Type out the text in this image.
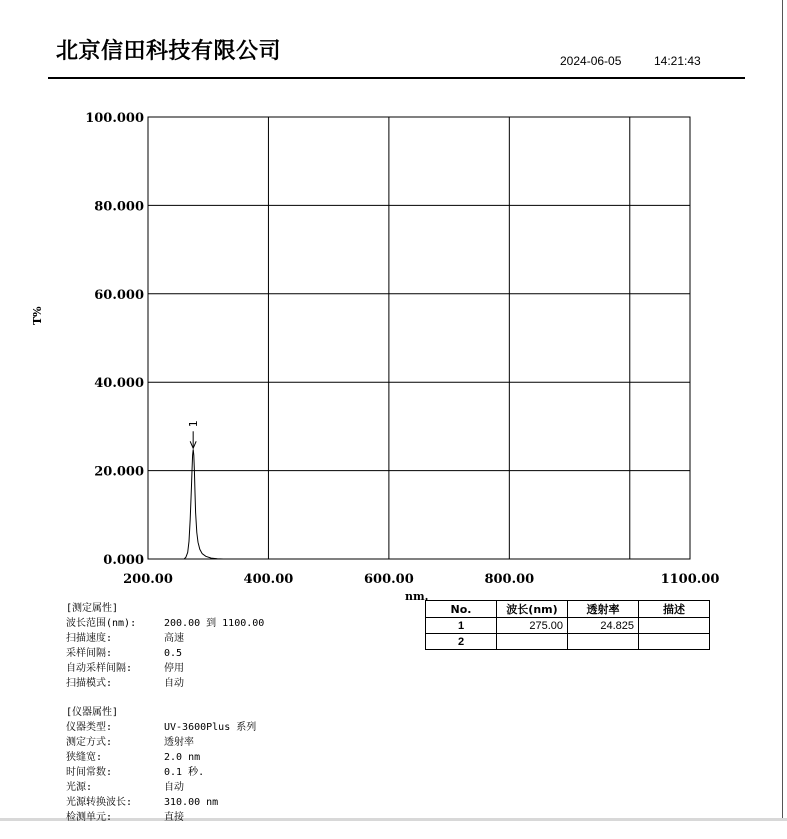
北京信田科技有限公司	2024-06-05	14:21:43
T%
100.000
80.000
60.000
40.000
20.000
0.000
200.00	400.00	600.00	800.00	1100.00
nm.
1
[测定属性]
波长范围(nm):	200.00 到 1100.00
扫描速度:	高速
采样间隔:	0.5
自动采样间隔:	停用
扫描模式:	自动
[仪器属性]
仪器类型:	UV-3600Plus 系列
测定方式:	透射率
狭缝宽:	2.0 nm
时间常数:	0.1 秒.
光源:	自动
光源转换波长:	310.00 nm
检测单元:	直接
No.	波长(nm)	透射率	描述
1	275.00	24.825	
2			
